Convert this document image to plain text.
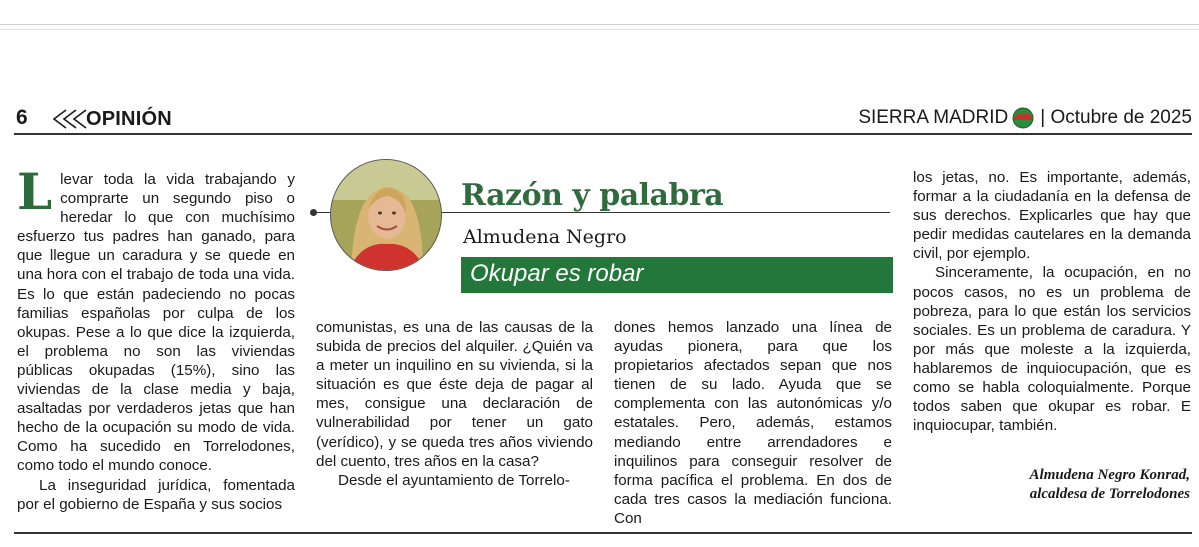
6	OPINIÓN	SIERRA MADRID | Octubre de 2025
L levar toda la vida trabajando y comprarte un segundo piso o heredar lo que con muchísimo esfuerzo tus padres han ganado, para que llegue un caradura y se quede en una hora con el trabajo de toda una vida. Es lo que están padeciendo no pocas familias españolas por culpa de los okupas. Pese a lo que dice la izquierda, el problema no son las viviendas públicas okupadas (15%), sino las viviendas de la clase media y baja, asaltadas por verdaderos jetas que han hecho de la ocupación su modo de vida. Como ha sucedido en Torrelodones, como todo el mundo conoce.

La inseguridad jurídica, fomentada por el gobierno de España y sus socios

Razón y palabra
Almudena Negro
Okupar es robar

comunistas, es una de las causas de la subida de precios del alquiler. ¿Quién va a meter un inquilino en su vivienda, si la situación es que éste deja de pagar al mes, consigue una declaración de vulnerabilidad por tener un gato (verídico), y se queda tres años viviendo del cuento, tres años en la casa?

Desde el ayuntamiento de Torrelo-

dones hemos lanzado una línea de ayudas pionera, para que los propietarios afectados sepan que nos tienen de su lado. Ayuda que se complementa con las autonómicas y/o estatales. Pero, además, estamos mediando entre arrendadores e inquilinos para conseguir resolver de forma pacífica el problema. En dos de cada tres casos la mediación funciona. Con

los jetas, no. Es importante, además, formar a la ciudadanía en la defensa de sus derechos. Explicarles que hay que pedir medidas cautelares en la demanda civil, por ejemplo.

Sinceramente, la ocupación, en no pocos casos, no es un problema de pobreza, para lo que están los servicios sociales. Es un problema de caradura. Y por más que moleste a la izquierda, hablaremos de inquiocupación, que es como se habla coloquialmente. Porque todos saben que okupar es robar. E inquiocupar, también.

Almudena Negro Konrad,
alcaldesa de Torrelodones
